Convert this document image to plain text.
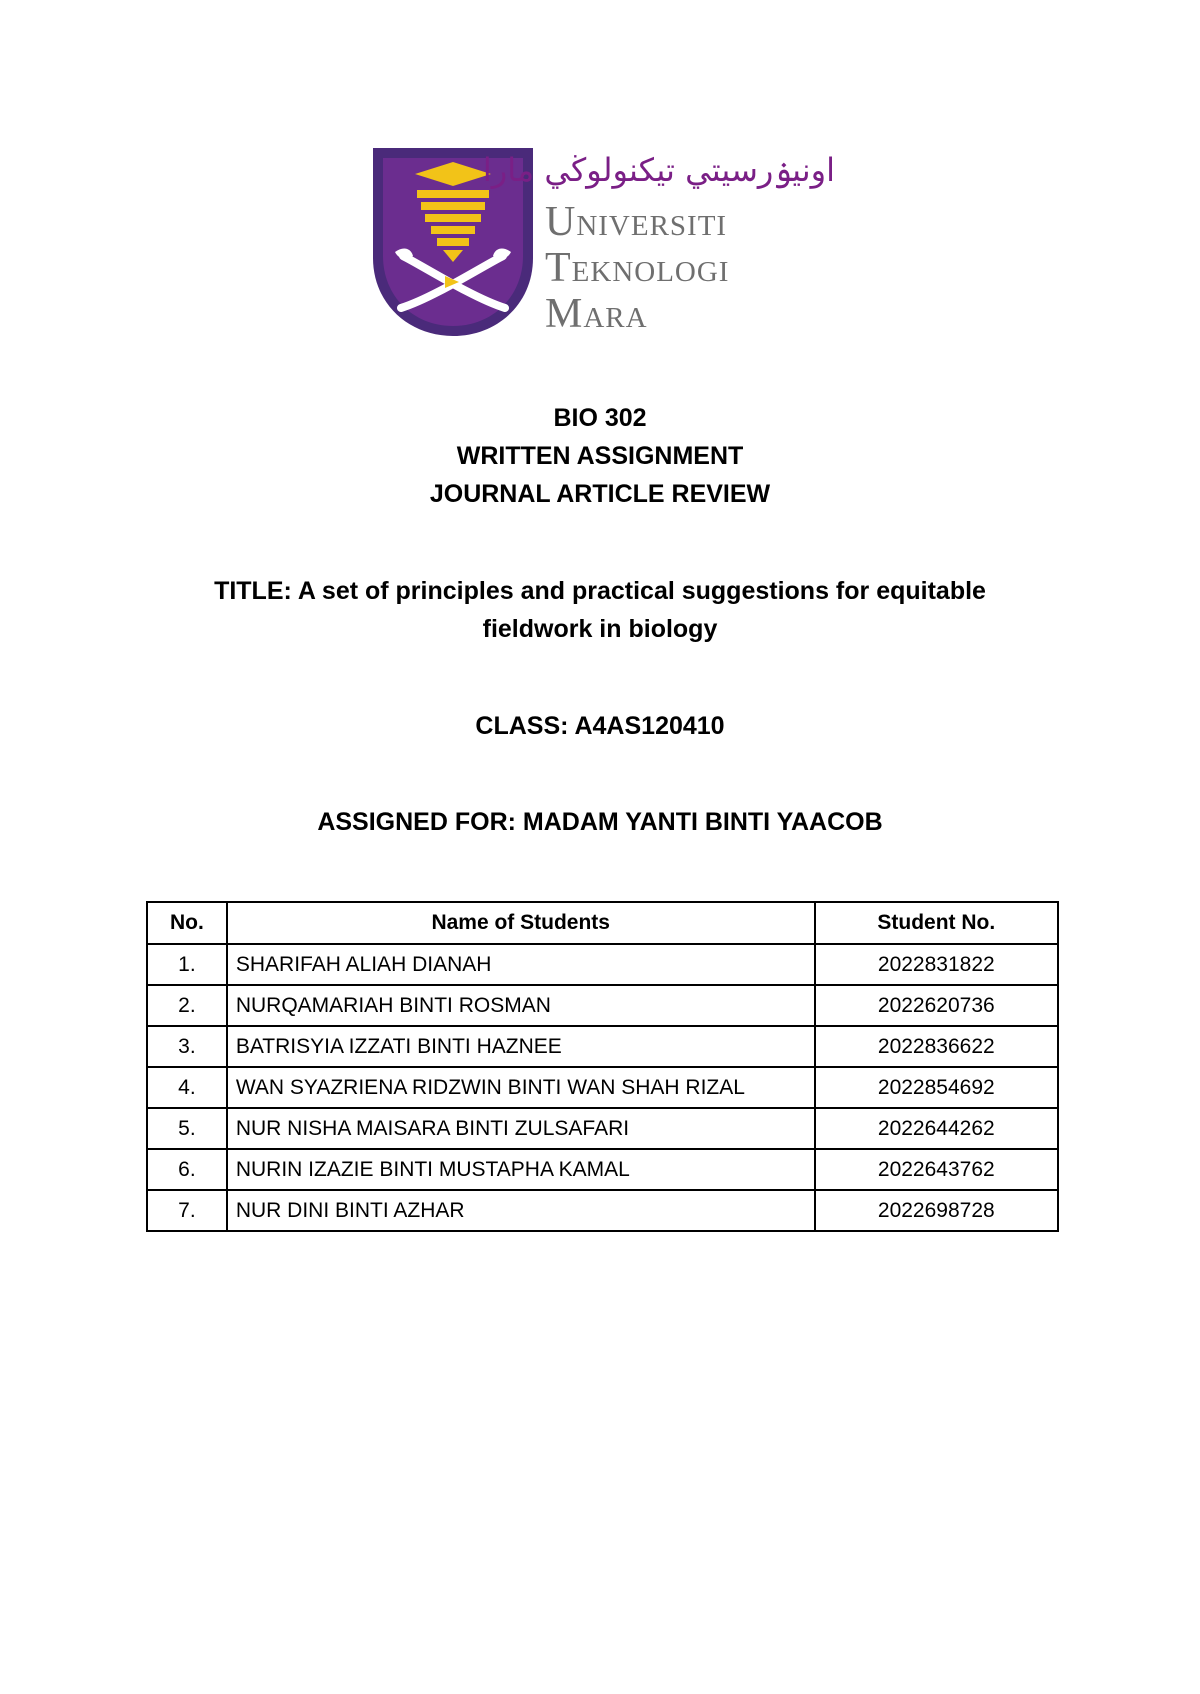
اونيۏرسيتي تيكنولوڬي مارا
Universiti
Teknologi
Mara
BIO 302
WRITTEN ASSIGNMENT
JOURNAL ARTICLE REVIEW
TITLE: A set of principles and practical suggestions for equitable
fieldwork in biology
CLASS: A4AS120410
ASSIGNED FOR: MADAM YANTI BINTI YAACOB
No.	Name of Students	Student No.
1.	SHARIFAH ALIAH DIANAH	2022831822
2.	NURQAMARIAH BINTI ROSMAN	2022620736
3.	BATRISYIA IZZATI BINTI HAZNEE	2022836622
4.	WAN SYAZRIENA RIDZWIN BINTI WAN SHAH RIZAL	2022854692
5.	NUR NISHA MAISARA BINTI ZULSAFARI	2022644262
6.	NURIN IZAZIE BINTI MUSTAPHA KAMAL	2022643762
7.	NUR DINI BINTI AZHAR	2022698728
